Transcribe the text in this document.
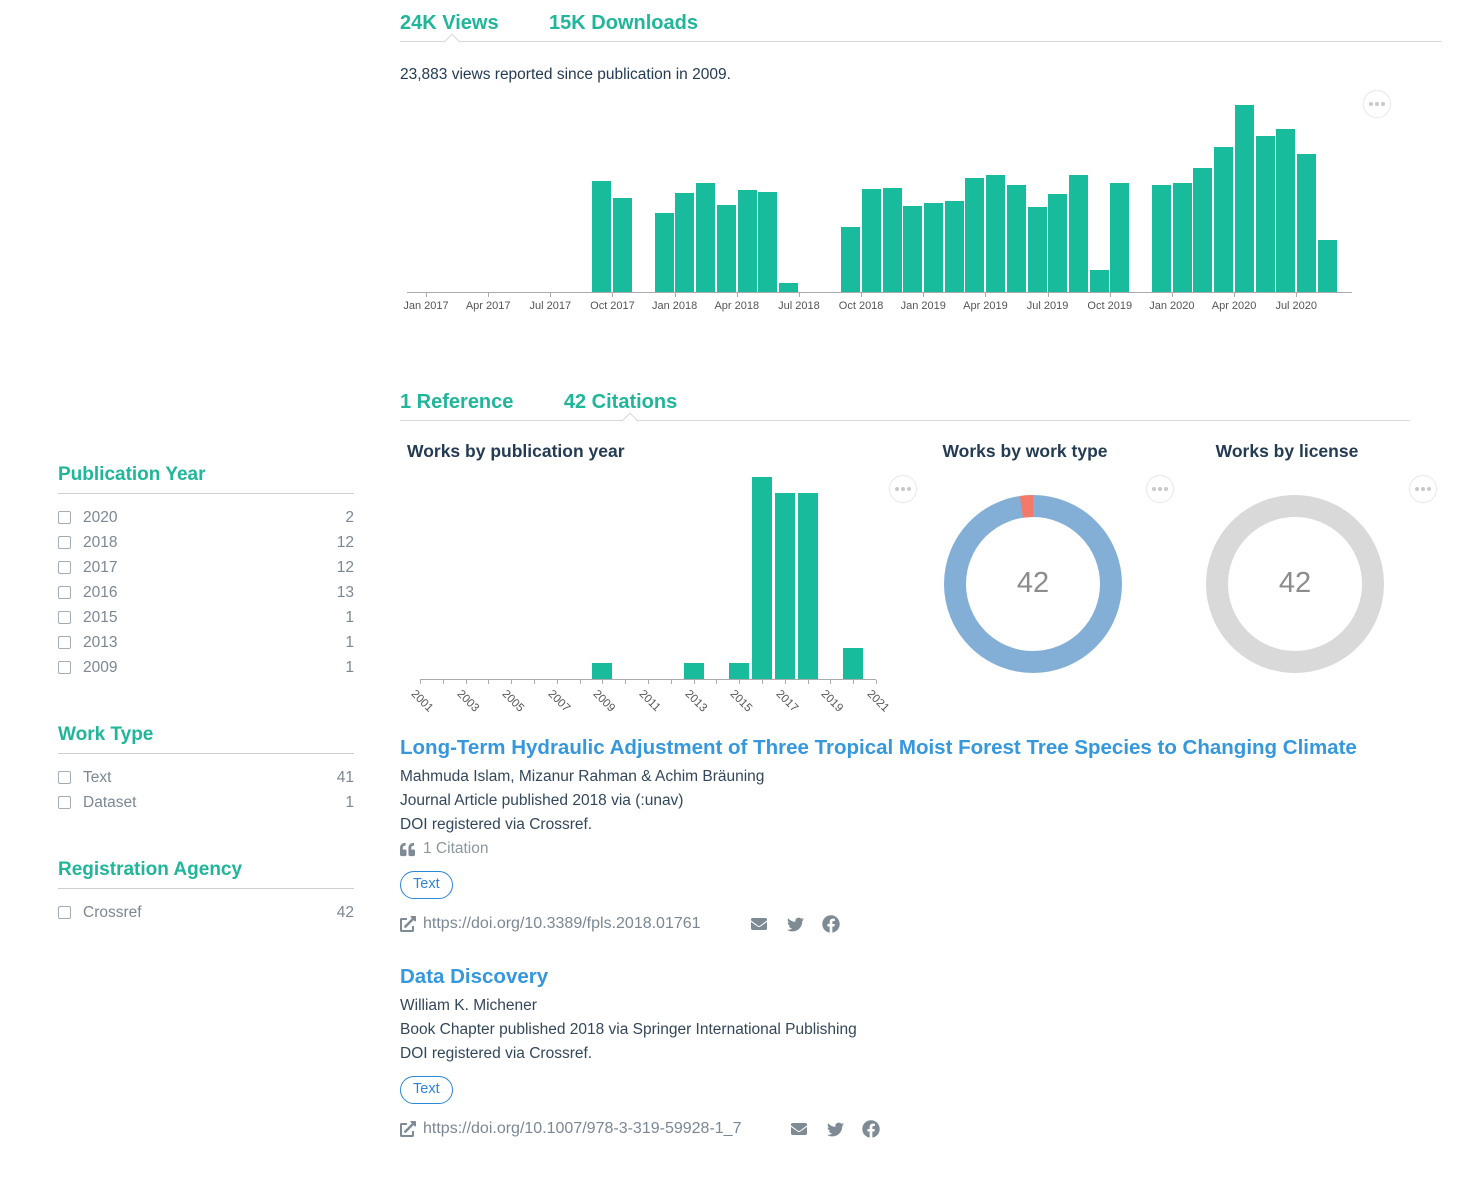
24K Views	15K Downloads
23,883 views reported since publication in 2009.
Jan 2017	Apr 2017	Jul 2017	Oct 2017	Jan 2018	Apr 2018	Jul 2018	Oct 2018	Jan 2019	Apr 2019	Jul 2019	Oct 2019	Jan 2020	Apr 2020	Jul 2020
1 Reference	42 Citations
Works by publication year
2001 2003 2005 2007 2009 2011 2013 2015 2017 2019 2021
Works by work type
42
Works by license
42
Publication Year
2020	2
2018	12
2017	12
2016	13
2015	1
2013	1
2009	1
Work Type
Text	41
Dataset	1
Registration Agency
Crossref	42
Long-Term Hydraulic Adjustment of Three Tropical Moist Forest Tree Species to Changing Climate
Mahmuda Islam, Mizanur Rahman & Achim Bräuning
Journal Article published 2018 via (:unav)
DOI registered via Crossref.
1 Citation
Text
https://doi.org/10.3389/fpls.2018.01761
Data Discovery
William K. Michener
Book Chapter published 2018 via Springer International Publishing
DOI registered via Crossref.
Text
https://doi.org/10.1007/978-3-319-59928-1_7
